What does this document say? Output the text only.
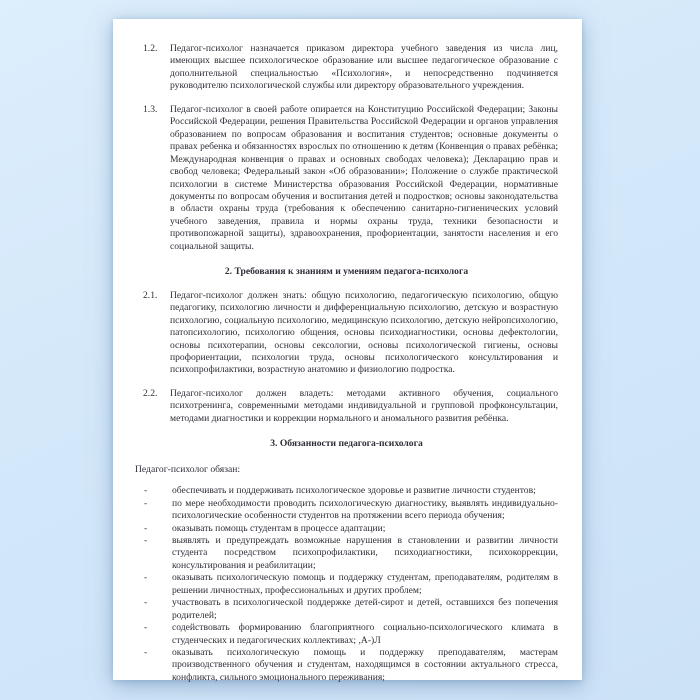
1.2. Педагог-психолог назначается приказом директора учебного заведения из числа лиц, имеющих высшее психологическое образование или высшее педагогическое образование с дополнительной специальностью «Психология», и непосредственно подчиняется руководителю психологической службы или директору образовательного учреждения.
1.3. Педагог-психолог в своей работе опирается на Конституцию Российской Федерации; Законы Российской Федерации, решения Правительства Российской Федерации и органов управления образованием по вопросам образования и воспитания студентов; основные документы о правах ребенка и обязанностях взрослых по отношению к детям (Конвенция о правах ребёнка; Международная конвенция о правах и основных свободах человека); Декларацию прав и свобод человека; Федеральный закон «Об образовании»; Положение о службе практической психологии в системе Министерства образования Российской Федерации, нормативные документы по вопросам обучения и воспитания детей и подростков; основы законодательства в области охраны труда (требования к обеспечению санитарно-гигиенических условий учебного заведения, правила и нормы охраны труда, техники безопасности и противопожарной защиты), здравоохранения, профориентации, занятости населения и его социальной защиты.
2. Требования к знаниям и умениям педагога-психолога
2.1. Педагог-психолог должен знать: общую психологию, педагогическую психологию, общую педагогику, психологию личности и дифференциальную психологию, детскую и возрастную психологию, социальную психологию, медицинскую психологию, детскую нейропсихологию, патопсихологию, психологию общения, основы психодиагностики, основы дефектологии, основы психотерапии, основы сексологии, основы психологической гигиены, основы профориентации, психологии труда, основы психологического консультирования и психопрофилактики, возрастную анатомию и физиологию подростка.
2.2. Педагог-психолог должен владеть: методами активного обучения, социального психотренинга, современными методами индивидуальной и групповой профконсультации, методами диагностики и коррекции нормального и аномального развития ребёнка.
3. Обязанности педагога-психолога
Педагог-психолог обязан:
-	обеспечивать и поддерживать психологическое здоровье и развитие личности студентов;
-	по мере необходимости проводить психологическую диагностику, выявлять индивидуально-психологические особенности студентов на протяжении всего периода обучения;
-	оказывать помощь студентам в процессе адаптации;
-	выявлять и предупреждать возможные нарушения в становлении и развитии личности студента посредством психопрофилактики, психодиагностики, психокоррекции, консультирования и реабилитации;
-	оказывать психологическую помощь и поддержку студентам, преподавателям, родителям в решении личностных, профессиональных и других проблем;
-	участвовать в психологической поддержке детей-сирот и детей, оставшихся без попечения родителей;
-	содействовать формированию благоприятного социально-психологического климата в студенческих и педагогических коллективах; ,А-)Л
-	оказывать психологическую помощь и поддержку преподавателям, мастерам производственного обучения и студентам, находящимся в состоянии актуального стресса, конфликта, сильного эмоционального переживания;
